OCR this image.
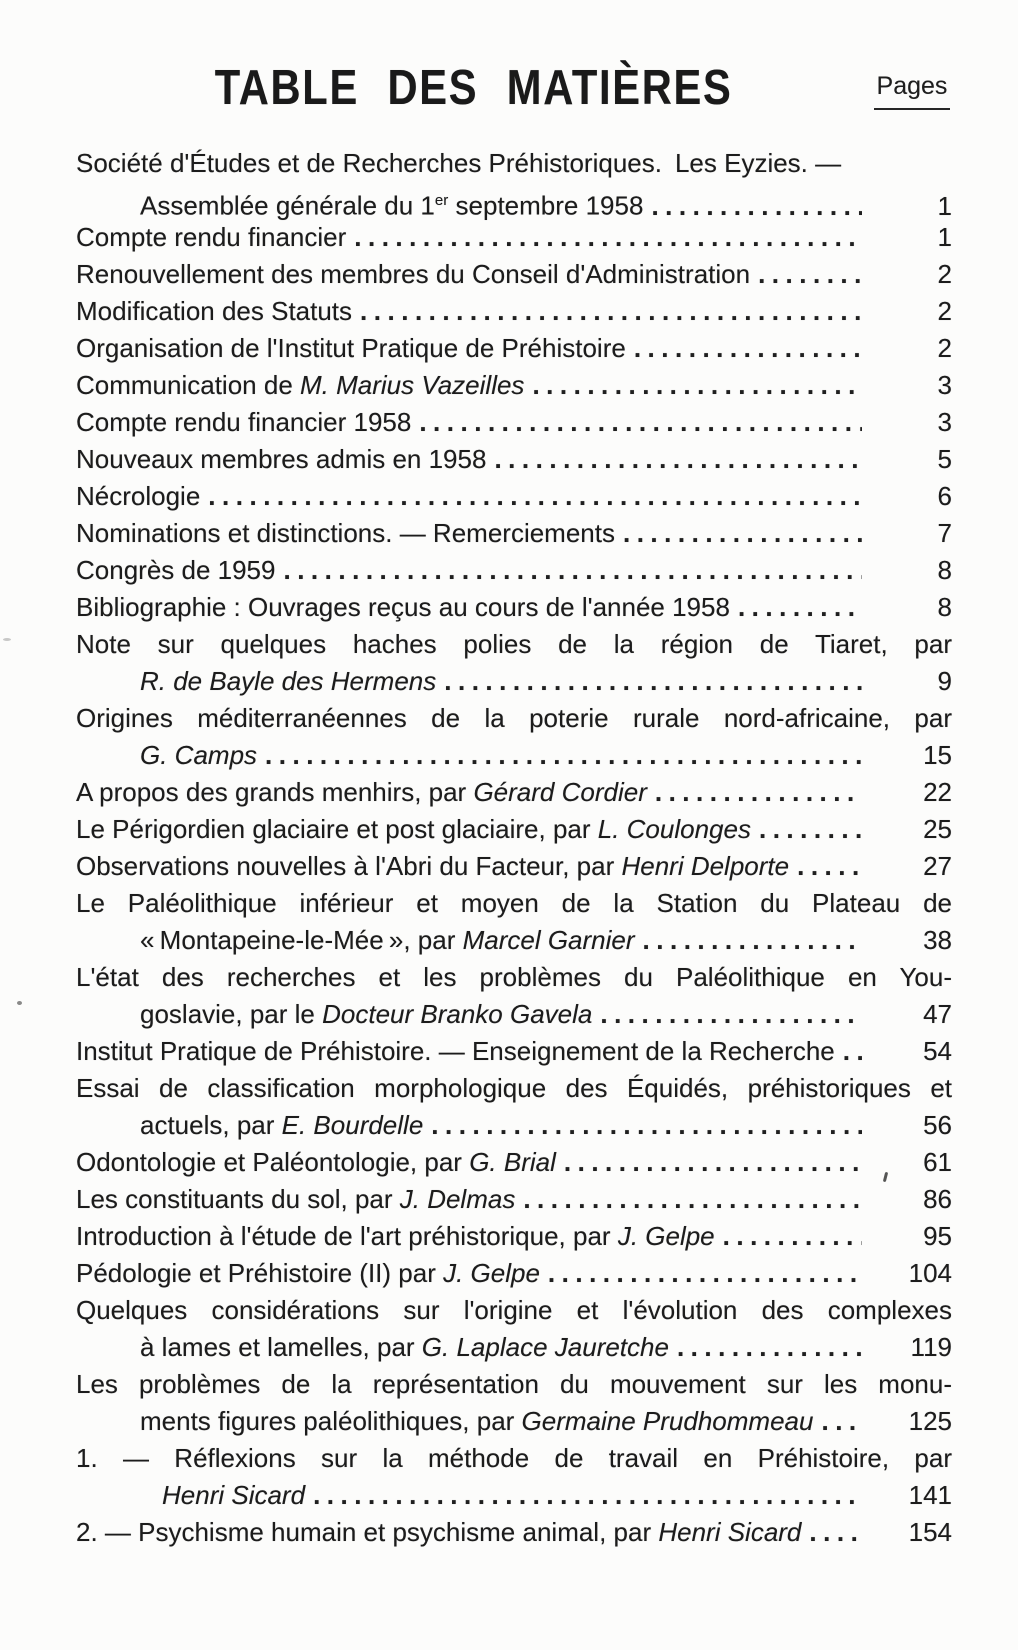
TABLE DES MATIÈRES	Pages
Société d'Études et de Recherches Préhistoriques. Les Eyzies. —
Assemblée générale du 1er septembre 1958 .....	1
Compte rendu financier .....	1
Renouvellement des membres du Conseil d'Administration .....	2
Modification des Statuts .....	2
Organisation de l'Institut Pratique de Préhistoire .....	2
Communication de M. Marius Vazeilles .....	3
Compte rendu financier 1958 .....	3
Nouveaux membres admis en 1958 .....	5
Nécrologie .....	6
Nominations et distinctions. — Remerciements .....	7
Congrès de 1959 .....	8
Bibliographie : Ouvrages reçus au cours de l'année 1958 .....	8
Note sur quelques haches polies de la région de Tiaret, par
R. de Bayle des Hermens .....	9
Origines méditerranéennes de la poterie rurale nord-africaine, par
G. Camps .....	15
A propos des grands menhirs, par Gérard Cordier .....	22
Le Périgordien glaciaire et post glaciaire, par L. Coulonges .....	25
Observations nouvelles à l'Abri du Facteur, par Henri Delporte .....	27
Le Paléolithique inférieur et moyen de la Station du Plateau de
« Montapeine-le-Mée », par Marcel Garnier .....	38
L'état des recherches et les problèmes du Paléolithique en You-
goslavie, par le Docteur Branko Gavela .....	47
Institut Pratique de Préhistoire. — Enseignement de la Recherche .....	54
Essai de classification morphologique des Équidés, préhistoriques et
actuels, par E. Bourdelle .....	56
Odontologie et Paléontologie, par G. Brial .....	61
Les constituants du sol, par J. Delmas .....	86
Introduction à l'étude de l'art préhistorique, par J. Gelpe .....	95
Pédologie et Préhistoire (II) par J. Gelpe .....	104
Quelques considérations sur l'origine et l'évolution des complexes
à lames et lamelles, par G. Laplace Jauretche .....	119
Les problèmes de la représentation du mouvement sur les monu-
ments figures paléolithiques, par Germaine Prudhommeau .....	125
1. — Réflexions sur la méthode de travail en Préhistoire, par
Henri Sicard .....	141
2. — Psychisme humain et psychisme animal, par Henri Sicard .....	154
